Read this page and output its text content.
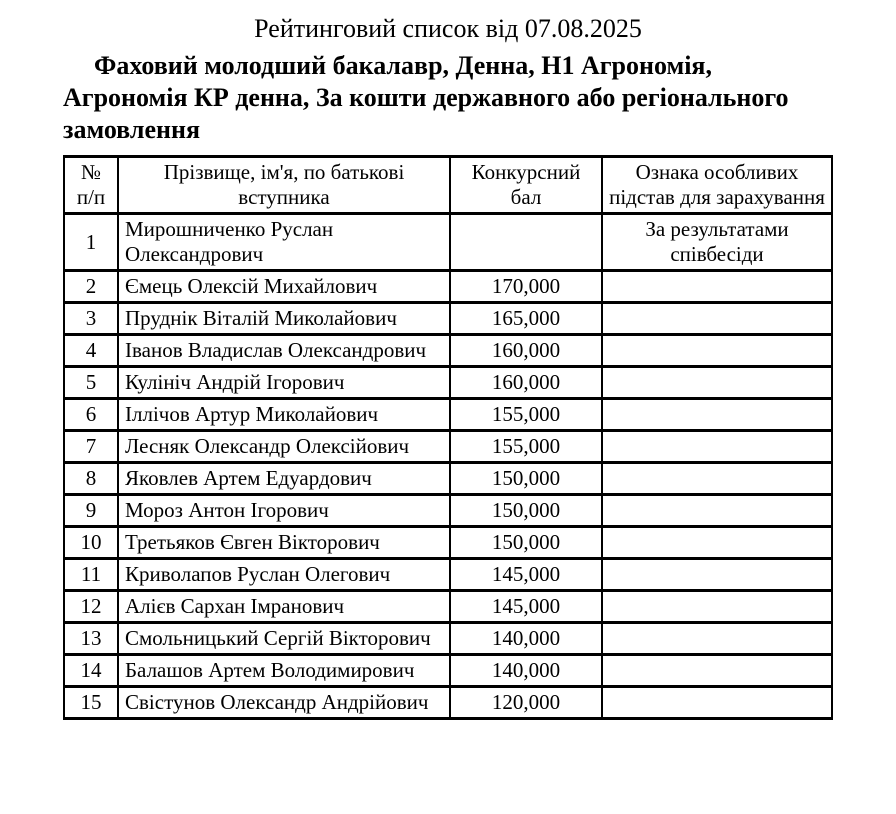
Рейтинговий список від 07.08.2025
Фаховий молодший бакалавр, Денна, Н1 Агрономія, Агрономія КР денна, За кошти державного або регіонального замовлення
№ п/п	Прізвище, ім'я, по батькові вступника	Конкурсний бал	Ознака особливих підстав для зарахування
1	Мирошниченко Руслан Олександрович		За результатами співбесіди
2	Ємець Олексій Михайлович	170,000	
3	Пруднік Віталій Миколайович	165,000	
4	Іванов Владислав Олександрович	160,000	
5	Кулініч Андрій Ігорович	160,000	
6	Іллічов Артур Миколайович	155,000	
7	Лесняк Олександр Олексійович	155,000	
8	Яковлев Артем Едуардович	150,000	
9	Мороз Антон Ігорович	150,000	
10	Третьяков Євген Вікторович	150,000	
11	Криволапов Руслан Олегович	145,000	
12	Алієв Сархан Імранович	145,000	
13	Смольницький Сергій Вікторович	140,000	
14	Балашов Артем Володимирович	140,000	
15	Свістунов Олександр Андрійович	120,000	
